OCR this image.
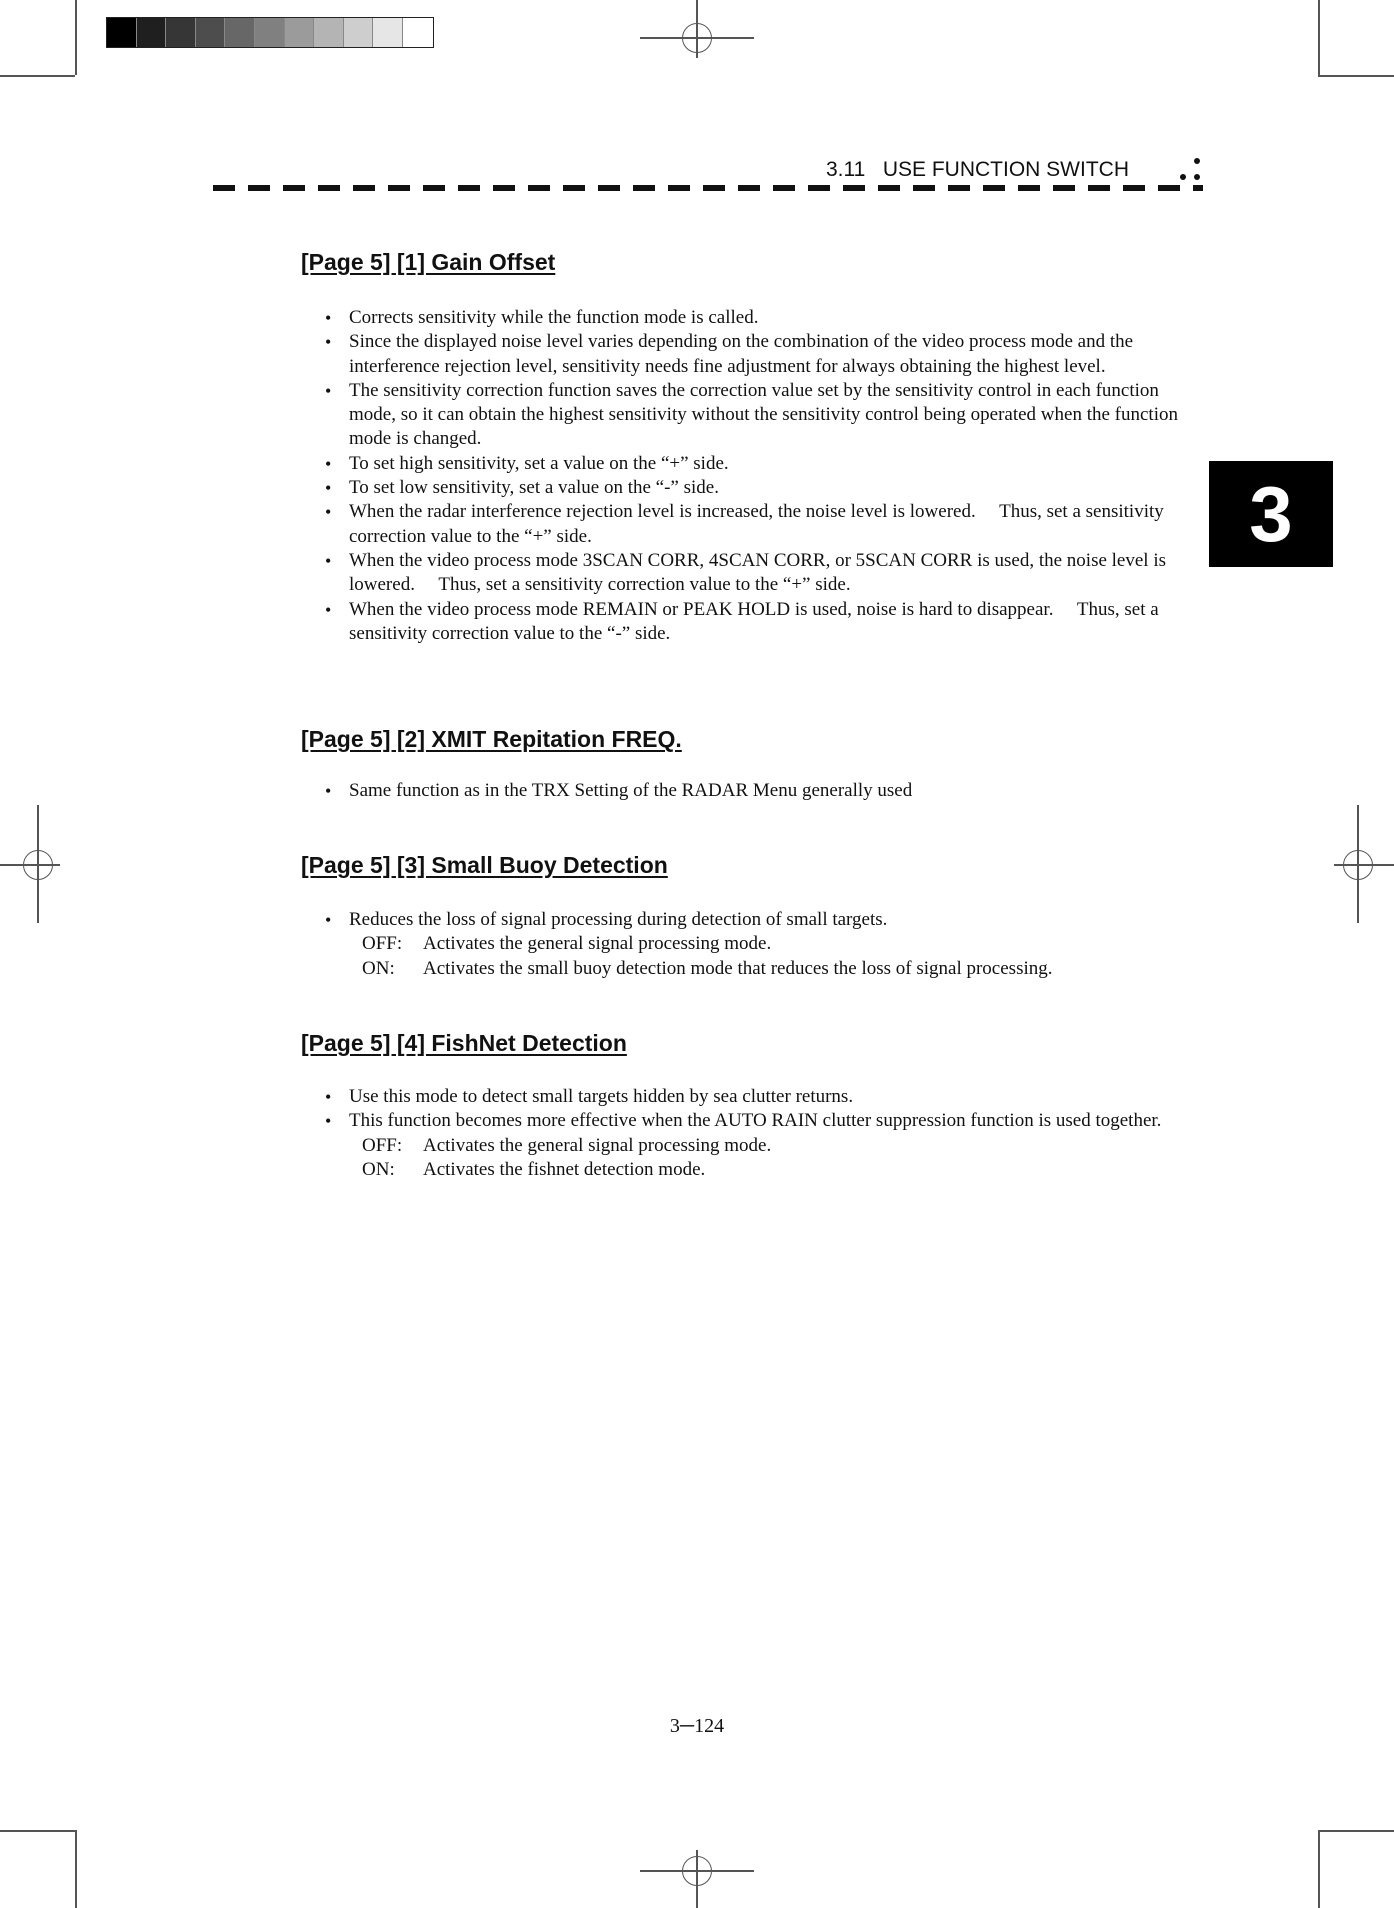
3.11 USE FUNCTION SWITCH
3
[Page 5] [1] Gain Offset
• Corrects sensitivity while the function mode is called.
• Since the displayed noise level varies depending on the combination of the video process mode and the interference rejection level, sensitivity needs fine adjustment for always obtaining the highest level.
• The sensitivity correction function saves the correction value set by the sensitivity control in each function mode, so it can obtain the highest sensitivity without the sensitivity control being operated when the function mode is changed.
• To set high sensitivity, set a value on the “+” side.
• To set low sensitivity, set a value on the “-” side.
• When the radar interference rejection level is increased, the noise level is lowered.  Thus, set a sensitivity correction value to the “+” side.
• When the video process mode 3SCAN CORR, 4SCAN CORR, or 5SCAN CORR is used, the noise level is lowered.  Thus, set a sensitivity correction value to the “+” side.
• When the video process mode REMAIN or PEAK HOLD is used, noise is hard to disappear.  Thus, set a sensitivity correction value to the “-” side.
[Page 5] [2] XMIT Repitation FREQ.
• Same function as in the TRX Setting of the RADAR Menu generally used
[Page 5] [3] Small Buoy Detection
• Reduces the loss of signal processing during detection of small targets.
OFF:	Activates the general signal processing mode.
ON:	Activates the small buoy detection mode that reduces the loss of signal processing.
[Page 5] [4] FishNet Detection
• Use this mode to detect small targets hidden by sea clutter returns.
• This function becomes more effective when the AUTO RAIN clutter suppression function is used together.
OFF:	Activates the general signal processing mode.
ON:	Activates the fishnet detection mode.
3─124
